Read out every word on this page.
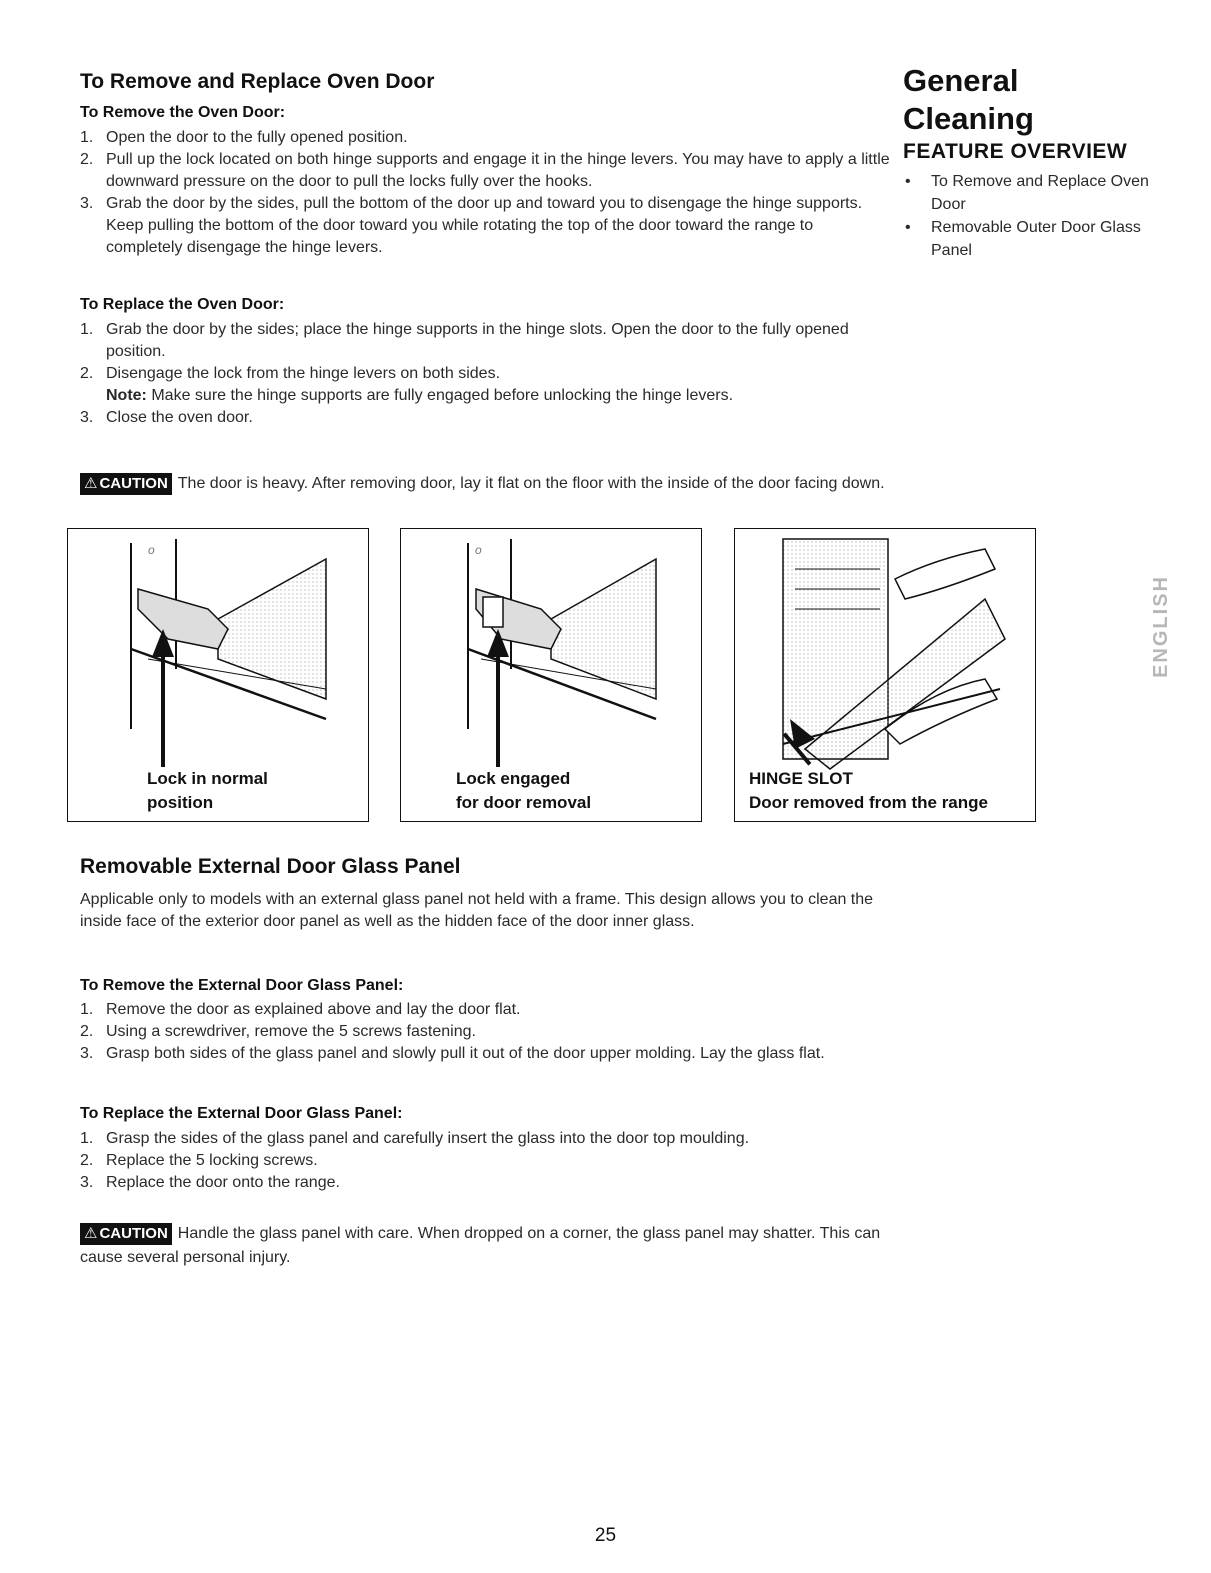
To Remove and Replace Oven Door
To Remove the Oven Door:
1. Open the door to the fully opened position.
2. Pull up the lock located on both hinge supports and engage it in the hinge levers. You may have to apply a little downward pressure on the door to pull the locks fully over the hooks.
3. Grab the door by the sides, pull the bottom of the door up and toward you to disengage the hinge supports. Keep pulling the bottom of the door toward you while rotating the top of the door toward the range to completely disengage the hinge levers.
To Replace the Oven Door:
1. Grab the door by the sides; place the hinge supports in the hinge slots. Open the door to the fully opened position.
2. Disengage the lock from the hinge levers on both sides.
Note: Make sure the hinge supports are fully engaged before unlocking the hinge levers.
3. Close the oven door.
⚠ CAUTION The door is heavy. After removing door, lay it flat on the floor with the inside of the door facing down.
o
Lock in normal
position
o
Lock engaged
for door removal
HINGE SLOT
Door removed from the range
General
Cleaning
FEATURE OVERVIEW
• To Remove and Replace Oven Door
• Removable Outer Door Glass Panel
ENGLISH
Removable External Door Glass Panel

Applicable only to models with an external glass panel not held with a frame. This design allows you to clean the inside face of the exterior door panel as well as the hidden face of the door inner glass.

To Remove the External Door Glass Panel:
1. Remove the door as explained above and lay the door flat.
2. Using a screwdriver, remove the 5 screws fastening.
3. Grasp both sides of the glass panel and slowly pull it out of the door upper molding. Lay the glass flat.
To Replace the External Door Glass Panel:
1. Grasp the sides of the glass panel and carefully insert the glass into the door top moulding.
2. Replace the 5 locking screws.
3. Replace the door onto the range.
⚠ CAUTION Handle the glass panel with care. When dropped on a corner, the glass panel may shatter. This can cause several personal injury.
25
